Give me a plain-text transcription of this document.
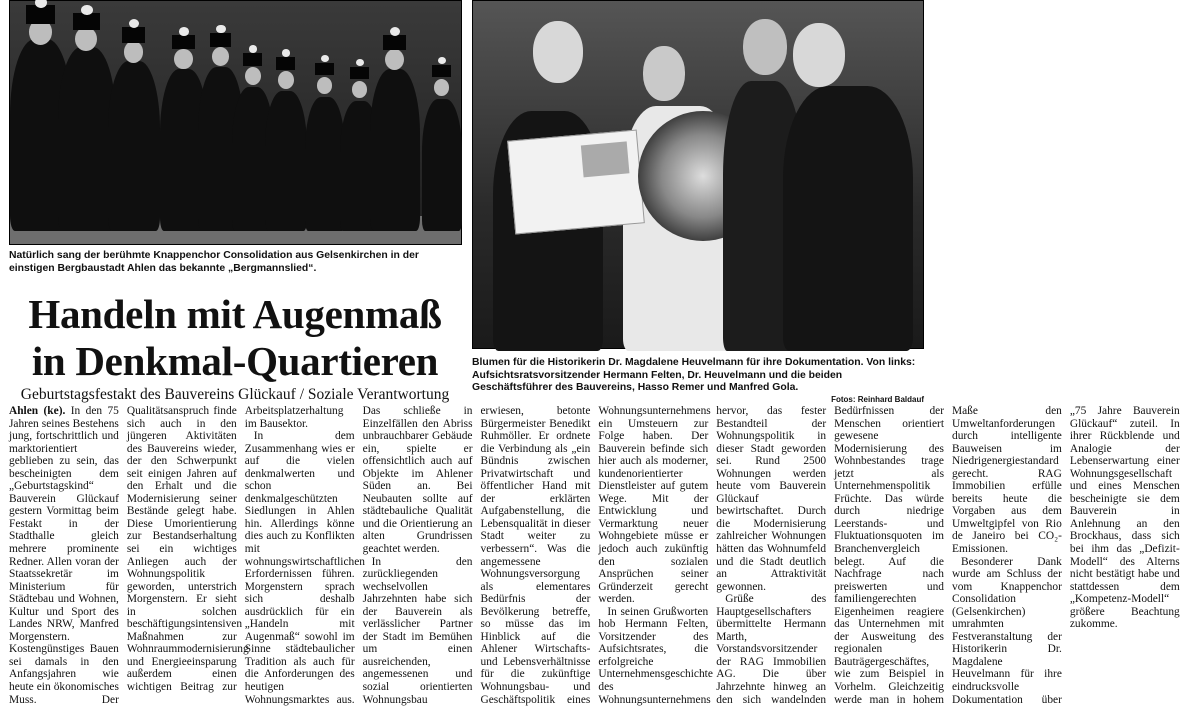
Natürlich sang der berühmte Knappenchor Consolidation aus Gelsenkirchen in der einstigen Bergbaustadt Ahlen das bekannte „Bergmannslied“.

Blumen für die Historikerin Dr. Magdalene Heuvelmann für ihre Dokumentation. Von links: Aufsichtsratsvorsitzender Hermann Felten, Dr. Heuvelmann und die beiden Geschäftsführer des Bauvereins, Hasso Remer und Manfred Gola.
Fotos: Reinhard Baldauf
Handeln mit Augenmaß
in Denkmal-Quartieren

Geburtstagsfestakt des Bauvereins Glückauf / Soziale Verantwortung

Ahlen (ke). In den 75 Jahren seines Bestehens jung, fortschrittlich und marktorientiert geblieben zu sein, das bescheinigten dem „Geburtstagskind“ Bauverein Glückauf gestern Vormittag beim Festakt in der Stadthalle gleich mehrere prominente Redner. Allen voran der Staatssekretär im Ministerium für Städtebau und Wohnen, Kultur und Sport des Landes NRW, Manfred Morgenstern. Kostengünstiges Bauen sei damals in den Anfangsjahren wie heute ein ökonomisches Muss. Der Qualitätsanspruch finde sich auch in den jüngeren Aktivitäten des Bauvereins wieder, der den Schwerpunkt seit einigen Jahren auf den Erhalt und die Modernisierung seiner Bestände gelegt habe. Diese Umorientierung zur Bestandserhaltung sei ein wichtiges Anliegen auch der Wohnungspolitik geworden, unterstrich Morgenstern. Er sieht in solchen beschäftigungsintensiven Maßnahmen zur Wohnraummodernisierung und Energieeinsparung außerdem einen wichtigen Beitrag zur Arbeitsplatzerhaltung im Bausektor.

In dem Zusammenhang wies er auf die vielen denkmalwerten und schon denkmalgeschützten Siedlungen in Ahlen hin. Allerdings könne dies auch zu Konflikten mit wohnungswirtschaftlichen Erfordernissen führen. Morgenstern sprach sich deshalb ausdrücklich für ein „Handeln mit Augenmaß“ sowohl im Sinne städtebaulicher Tradition als auch für die Anforderungen des heutigen Wohnungsmarktes aus. Das schließe in Einzelfällen den Abriss unbrauchbarer Gebäude ein, spielte er offensichtlich auch auf Objekte im Ahlener Süden an. Bei Neubauten sollte auf städtebauliche Qualität und die Orientierung an alten Grundrissen geachtet werden.

In den zurückliegenden wechselvollen Jahrzehnten habe sich der Bauverein als verlässlicher Partner der Stadt im Bemühen um einen ausreichenden, angemessenen und sozial orientierten Wohnungsbau erwiesen, betonte Bürgermeister Benedikt Ruhmöller. Er ordnete die Verbindung als „ein Bündnis zwischen Privatwirtschaft und öffentlicher Hand mit der erklärten Aufgabenstellung, die Lebensqualität in dieser Stadt weiter zu verbessern“. Was die angemessene Wohnungsversorgung als elementares Bedürfnis der Bevölkerung betreffe, so müsse das im Hinblick auf die Ahlener Wirtschafts- und Lebensverhältnisse für die zukünftige Wohnungsbau- und Geschäftspolitik eines Wohnungsunternehmens ein Umsteuern zur Folge haben. Der Bauverein befinde sich hier auch als moderner, kundenorientierter Dienstleister auf gutem Wege. Mit der Entwicklung und Vermarktung neuer Wohngebiete müsse er jedoch auch zukünftig den sozialen Ansprüchen seiner Gründerzeit gerecht werden.

In seinen Grußworten hob Hermann Felten, Vorsitzender des Aufsichtsrates, die erfolgreiche Unternehmensgeschichte des Wohnungsunternehmens hervor, das fester Bestandteil der Wohnungspolitik in dieser Stadt geworden sei. Rund 2500 Wohnungen werden heute vom Bauverein Glückauf bewirtschaftet. Durch die Modernisierung zahlreicher Wohnungen hätten das Wohnumfeld und die Stadt deutlich an Attraktivität gewonnen.

Grüße des Hauptgesellschafters übermittelte Hermann Marth, Vorstandsvorsitzender der RAG Immobilien AG. Die über Jahrzehnte hinweg an den sich wandelnden Bedürfnissen der Menschen orientiert gewesene Modernisierung des Wohnbestandes trage jetzt als Unternehmenspolitik Früchte. Das würde durch niedrige Leerstands- und Fluktuationsquoten im Branchenvergleich belegt. Auf die Nachfrage nach preiswerten und familiengerechten Eigenheimen reagiere das Unternehmen mit der Ausweitung des regionalen Bauträgergeschäftes, wie zum Beispiel in Vorhelm. Gleichzeitig werde man in hohem Maße den Umweltanforderungen durch intelligente Bauweisen im Niedrigenergiestandard gerecht. RAG Immobilien erfülle bereits heute die Vorgaben aus dem Umweltgipfel von Rio de Janeiro bei CO₂-Emissionen.

Besonderer Dank wurde am Schluss der vom Knappenchor Consolidation (Gelsenkirchen) umrahmten Festveranstaltung der Historikerin Dr. Magdalene Heuvelmann für ihre eindrucksvolle Dokumentation über „75 Jahre Bauverein Glückauf“ zuteil. In ihrer Rückblende und Analogie der Lebenserwartung einer Wohnungsgesellschaft und eines Menschen bescheinigte sie dem Bauverein in Anlehnung an den Brockhaus, dass sich bei ihm das „Defizit-Modell“ des Alterns nicht bestätigt habe und stattdessen dem „Kompetenz-Modell“ größere Beachtung zukomme.
